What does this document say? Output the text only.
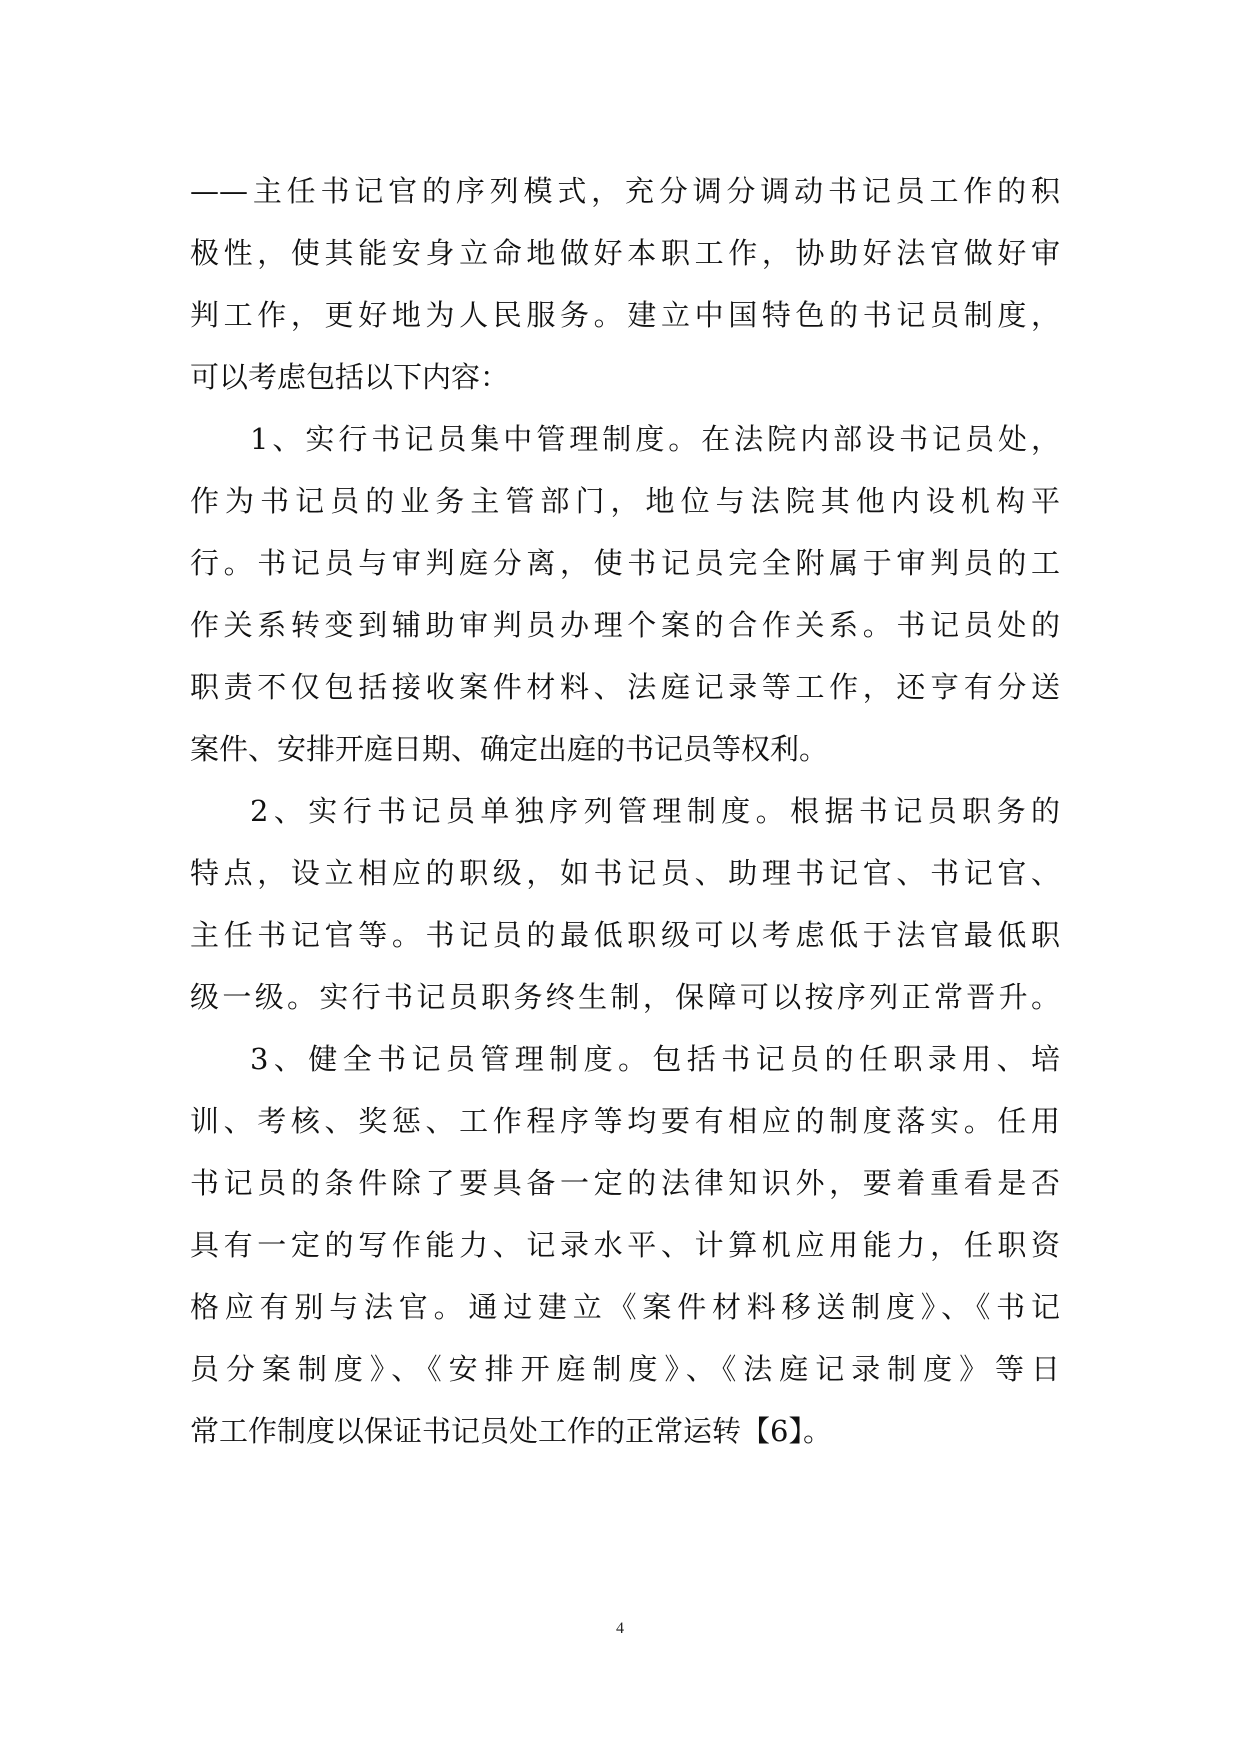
——主任书记官的序列模式，充分调分调动书记员工作的积
极性，使其能安身立命地做好本职工作，协助好法官做好审
判工作，更好地为人民服务。建立中国特色的书记员制度，
可以考虑包括以下内容：
1、实行书记员集中管理制度。在法院内部设书记员处，
作为书记员的业务主管部门，地位与法院其他内设机构平
行。书记员与审判庭分离，使书记员完全附属于审判员的工
作关系转变到辅助审判员办理个案的合作关系。书记员处的
职责不仅包括接收案件材料、法庭记录等工作，还亨有分送
案件、安排开庭日期、确定出庭的书记员等权利。
2、实行书记员单独序列管理制度。根据书记员职务的
特点，设立相应的职级，如书记员、助理书记官、书记官、
主任书记官等。书记员的最低职级可以考虑低于法官最低职
级一级。实行书记员职务终生制，保障可以按序列正常晋升。
3、健全书记员管理制度。包括书记员的任职录用、培
训、考核、奖惩、工作程序等均要有相应的制度落实。任用
书记员的条件除了要具备一定的法律知识外，要着重看是否
具有一定的写作能力、记录水平、计算机应用能力，任职资
格应有别与法官。通过建立《案件材料移送制度》、《书记
员分案制度》、《安排开庭制度》、《法庭记录制度》等日
常工作制度以保证书记员处工作的正常运转【6】。
4
